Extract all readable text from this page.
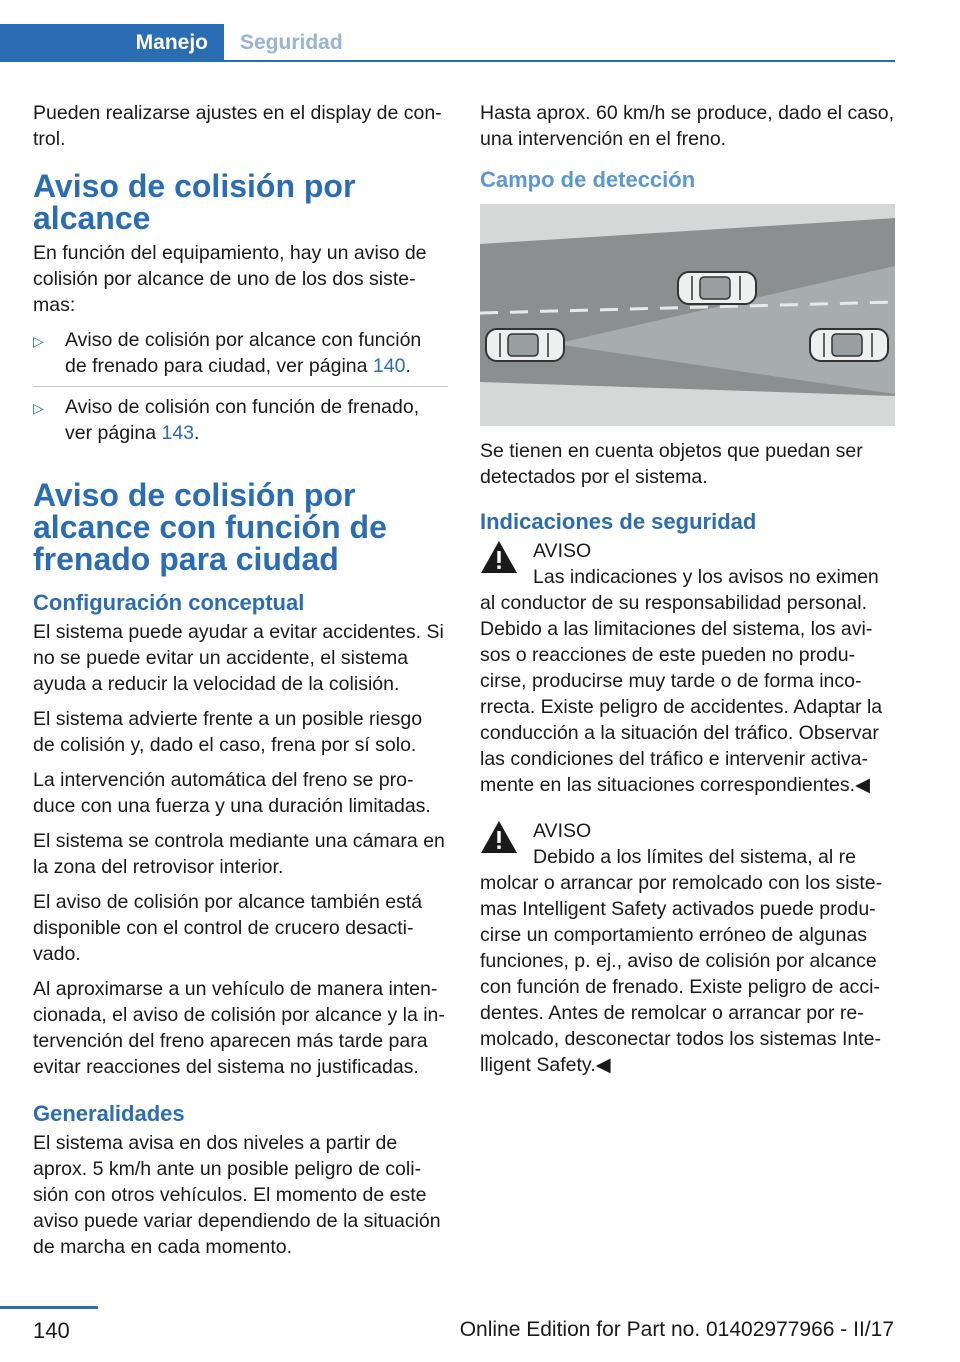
Manejo	Seguridad

Pueden realizarse ajustes en el display de control.

Aviso de colisión por alcance

En función del equipamiento, hay un aviso de colisión por alcance de uno de los dos sistemas:

▷ Aviso de colisión por alcance con función de frenado para ciudad, ver página 140.
▷ Aviso de colisión con función de frenado, ver página 143.
Aviso de colisión por alcance con función de frenado para ciudad
Configuración conceptual

El sistema puede ayudar a evitar accidentes. Si no se puede evitar un accidente, el sistema ayuda a reducir la velocidad de la colisión.

El sistema advierte frente a un posible riesgo de colisión y, dado el caso, frena por sí solo.

La intervención automática del freno se produce con una fuerza y una duración limitadas.

El sistema se controla mediante una cámara en la zona del retrovisor interior.

El aviso de colisión por alcance también está disponible con el control de crucero desactivado.

Al aproximarse a un vehículo de manera intencionada, el aviso de colisión por alcance y la intervención del freno aparecen más tarde para evitar reacciones del sistema no justificadas.

Generalidades

El sistema avisa en dos niveles a partir de aprox. 5 km/h ante un posible peligro de colisión con otros vehículos. El momento de este aviso puede variar dependiendo de la situación de marcha en cada momento.

Hasta aprox. 60 km/h se produce, dado el caso, una intervención en el freno.

Campo de detección

Se tienen en cuenta objetos que puedan ser detectados por el sistema.

Indicaciones de seguridad
AVISO
Las indicaciones y los avisos no eximen
al conductor de su responsabilidad personal. Debido a las limitaciones del sistema, los avisos o reacciones de este pueden no producirse, producirse muy tarde o de forma incorrecta. Existe peligro de accidentes. Adaptar la conducción a la situación del tráfico. Observar las condiciones del tráfico e intervenir activamente en las situaciones correspondientes.◀
AVISO
Debido a los límites del sistema, al re
molcar o arrancar por remolcado con los sistemas Intelligent Safety activados puede producirse un comportamiento erróneo de algunas funciones, p. ej., aviso de colisión por alcance con función de frenado. Existe peligro de accidentes. Antes de remolcar o arrancar por remolcado, desconectar todos los sistemas Intelligent Safety.◀
140	Online Edition for Part no. 01402977966 - II/17
